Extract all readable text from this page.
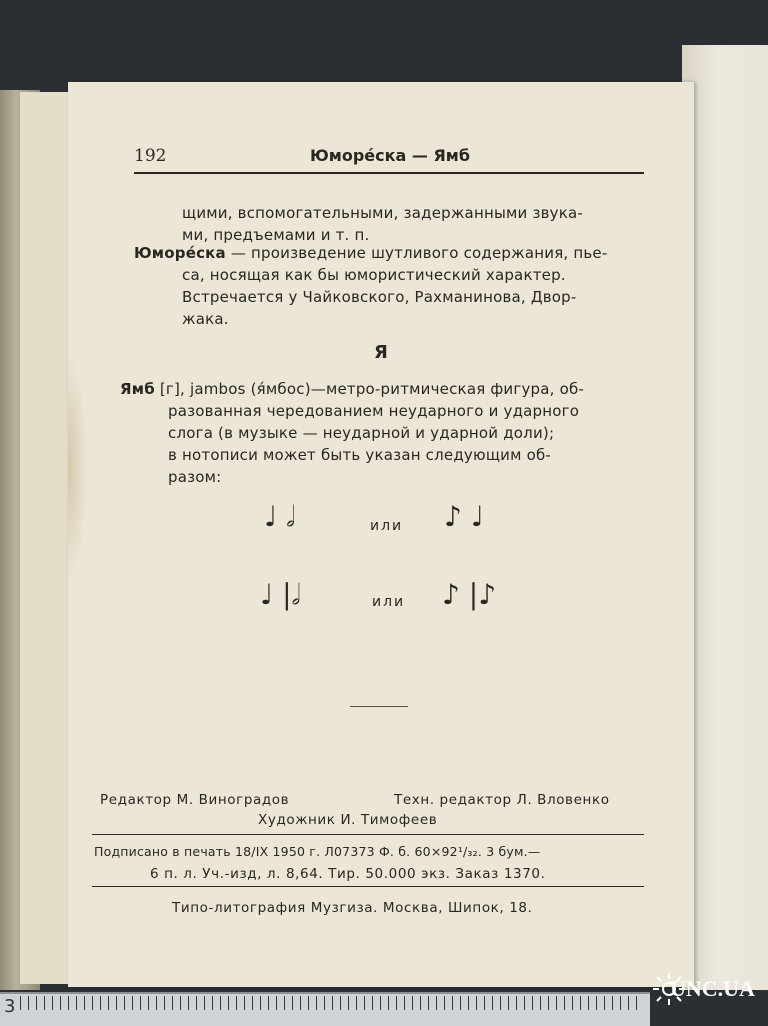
192	Юмоpéска — Ямб
щими, вспомогательными, задержанными звука-
ми, предъемами и т. п.
Юмоpéска — произведение шутливого содержания, пье-
са, носящая как бы юмористический характер.
Встречается у Чайковского, Рахманинова, Двор-
жака.
Я
Ямб [г], jambos (я́мбос)—метро-ритмическая фигура, об-
разованная чередованием неударного и ударного
слога (в музыке — неударной и ударной доли);
в нотописи может быть указан следующим об-
разом:
♩ 𝅗𝅥	или ♪ ♩
♩ |𝅗𝅥	или ♪ |♪
Редактор М. Виноградов	Техн. редактор Л. Вловенко
Художник И. Тимофеев
Подписано в печать 18/IX 1950 г. Л07373 Ф. б. 60×92¹/₃₂. 3 бум.—
6 п. л. Уч.-изд, л. 8,64. Тир. 50.000 экз. Заказ 1370.
Типо-литография Музгиза. Москва, Шипок, 18.
3
UNC.UA
